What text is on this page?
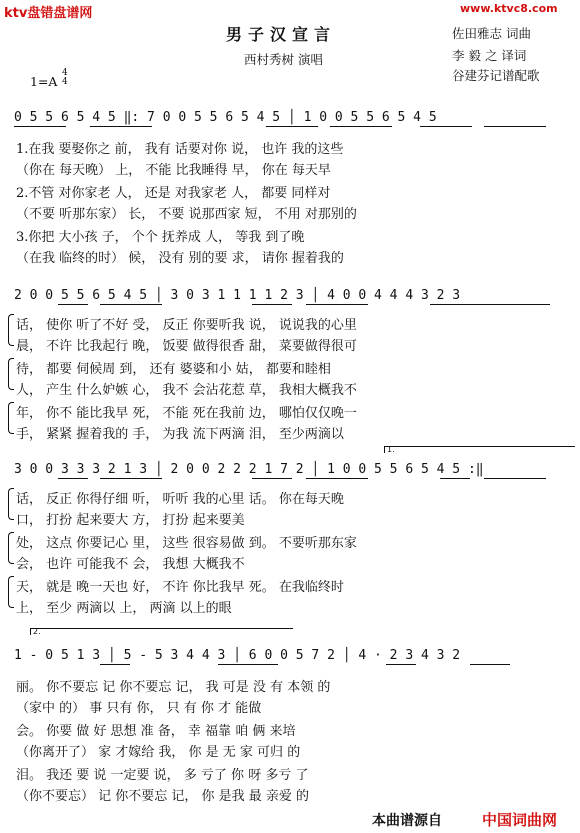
ktv盘错盘谱网	www.ktvc8.com
男子汉宣言
西村秀树 演唱
佐田雅志 词曲
李 毅 之 译词
谷建芬记谱配歌
1=A
4
4
0 5 5 6 5 4 5 ‖: 7 0 0 5 5 6 5 4 5 │ 1 0 0 5 5 6 5 4 5
1.在我 要娶你之 前， 我有 话要对你 说， 也许 我的这些
（你在 每天晚） 上， 不能 比我睡得 早， 你在 每天早
2.不管 对你家老 人， 还是 对我家老 人， 都要 同样对
（不要 听那东家） 长， 不要 说那西家 短， 不用 对那别的
3.你把 大小孩 子， 个个 抚养成 人， 等我 到了晚
（在我 临终的时） 候， 没有 别的要 求， 请你 握着我的
2 0 0 5 5 6 5 4 5 │ 3 0 3 1 1 1 1 2 3 │ 4 0 0 4 4 4 3 2 3
话， 使你 听了不好 受， 反正 你要听我 说， 说说我的心里
晨， 不许 比我起行 晚， 饭要 做得很香 甜， 菜要做得很可
待， 都要 伺候周 到， 还有 婆婆和小 姑， 都要和睦相
人， 产生 什么妒嫉 心， 我不 会沾花惹 草， 我相大概我不
年， 你不 能比我早 死， 不能 死在我前 边， 哪怕仅仅晚一
手， 紧紧 握着我的 手， 为我 流下两滴 泪， 至少两滴以
1.
3 0 0 3 3 3 2 1 3 │ 2 0 0 2 2 2 1 7 2 │ 1 0 0 5 5 6 5 4 5 :‖
话， 反正 你得仔细 听， 听听 我的心里 话。 你在每天晚
口， 打扮 起来要大 方， 打扮 起来要美
处， 这点 你要记心 里， 这些 很容易做 到。 不要听那东家
会， 也许 可能我不 会， 我想 大概我不
天， 就是 晚一天也 好， 不许 你比我早 死。 在我临终时
上， 至少 两滴以 上， 两滴 以上的眼
2.
1 - 0 5 1 3 │ 5 - 5 3 4 4 3 │ 6 0 0 5 7 2 │ 4 · 2 3 4 3 2
丽。 你不要忘 记 你不要忘 记， 我 可是 没 有 本领 的
（家中 的） 事 只有 你， 只 有 你 才 能做
会。 你要 做 好 思想 准 备， 幸 福靠 咱 俩 来培
（你离开了） 家 才嫁给 我， 你 是 无 家 可归 的
泪。 我还 要 说 一定要 说， 多 亏了 你 呀 多亏 了
（你不要忘） 记 你不要忘 记， 你 是我 最 亲爱 的
本曲谱源自	中国词曲网
